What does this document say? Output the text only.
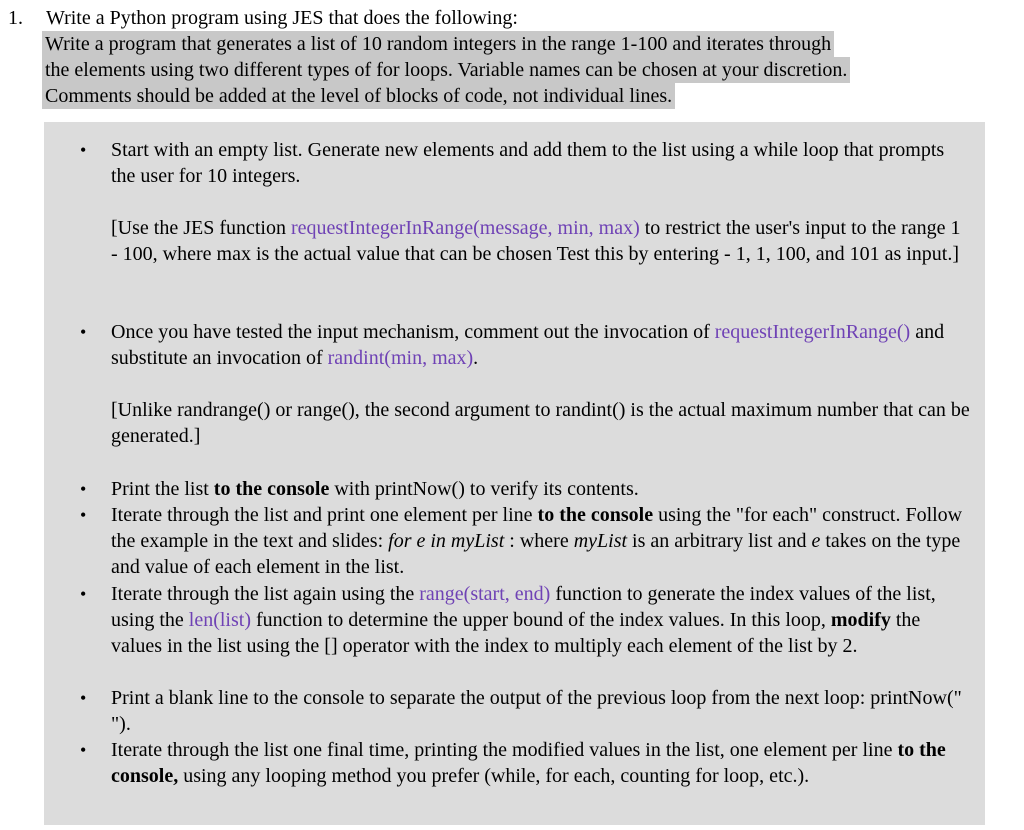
1. Write a Python program using JES that does the following:
Write a program that generates a list of 10 random integers in the range 1-100 and iterates through
the elements using two different types of for loops. Variable names can be chosen at your discretion.
Comments should be added at the level of blocks of code, not individual lines.
• Start with an empty list. Generate new elements and add them to the list using a while loop that prompts the user for 10 integers.
[Use the JES function requestIntegerInRange(message, min, max) to restrict the user's input to the range 1 - 100, where max is the actual value that can be chosen Test this by entering - 1, 1, 100, and 101 as input.]
• Once you have tested the input mechanism, comment out the invocation of requestIntegerInRange() and substitute an invocation of randint(min, max).
[Unlike randrange() or range(), the second argument to randint() is the actual maximum number that can be generated.]
• Print the list to the console with printNow() to verify its contents.
• Iterate through the list and print one element per line to the console using the "for each" construct. Follow the example in the text and slides: for e in myList : where myList is an arbitrary list and e takes on the type and value of each element in the list.
• Iterate through the list again using the range(start, end) function to generate the index values of the list, using the len(list) function to determine the upper bound of the index values. In this loop, modify the values in the list using the [] operator with the index to multiply each element of the list by 2.
• Print a blank line to the console to separate the output of the previous loop from the next loop: printNow(" ").
• Iterate through the list one final time, printing the modified values in the list, one element per line to the console, using any looping method you prefer (while, for each, counting for loop, etc.).
